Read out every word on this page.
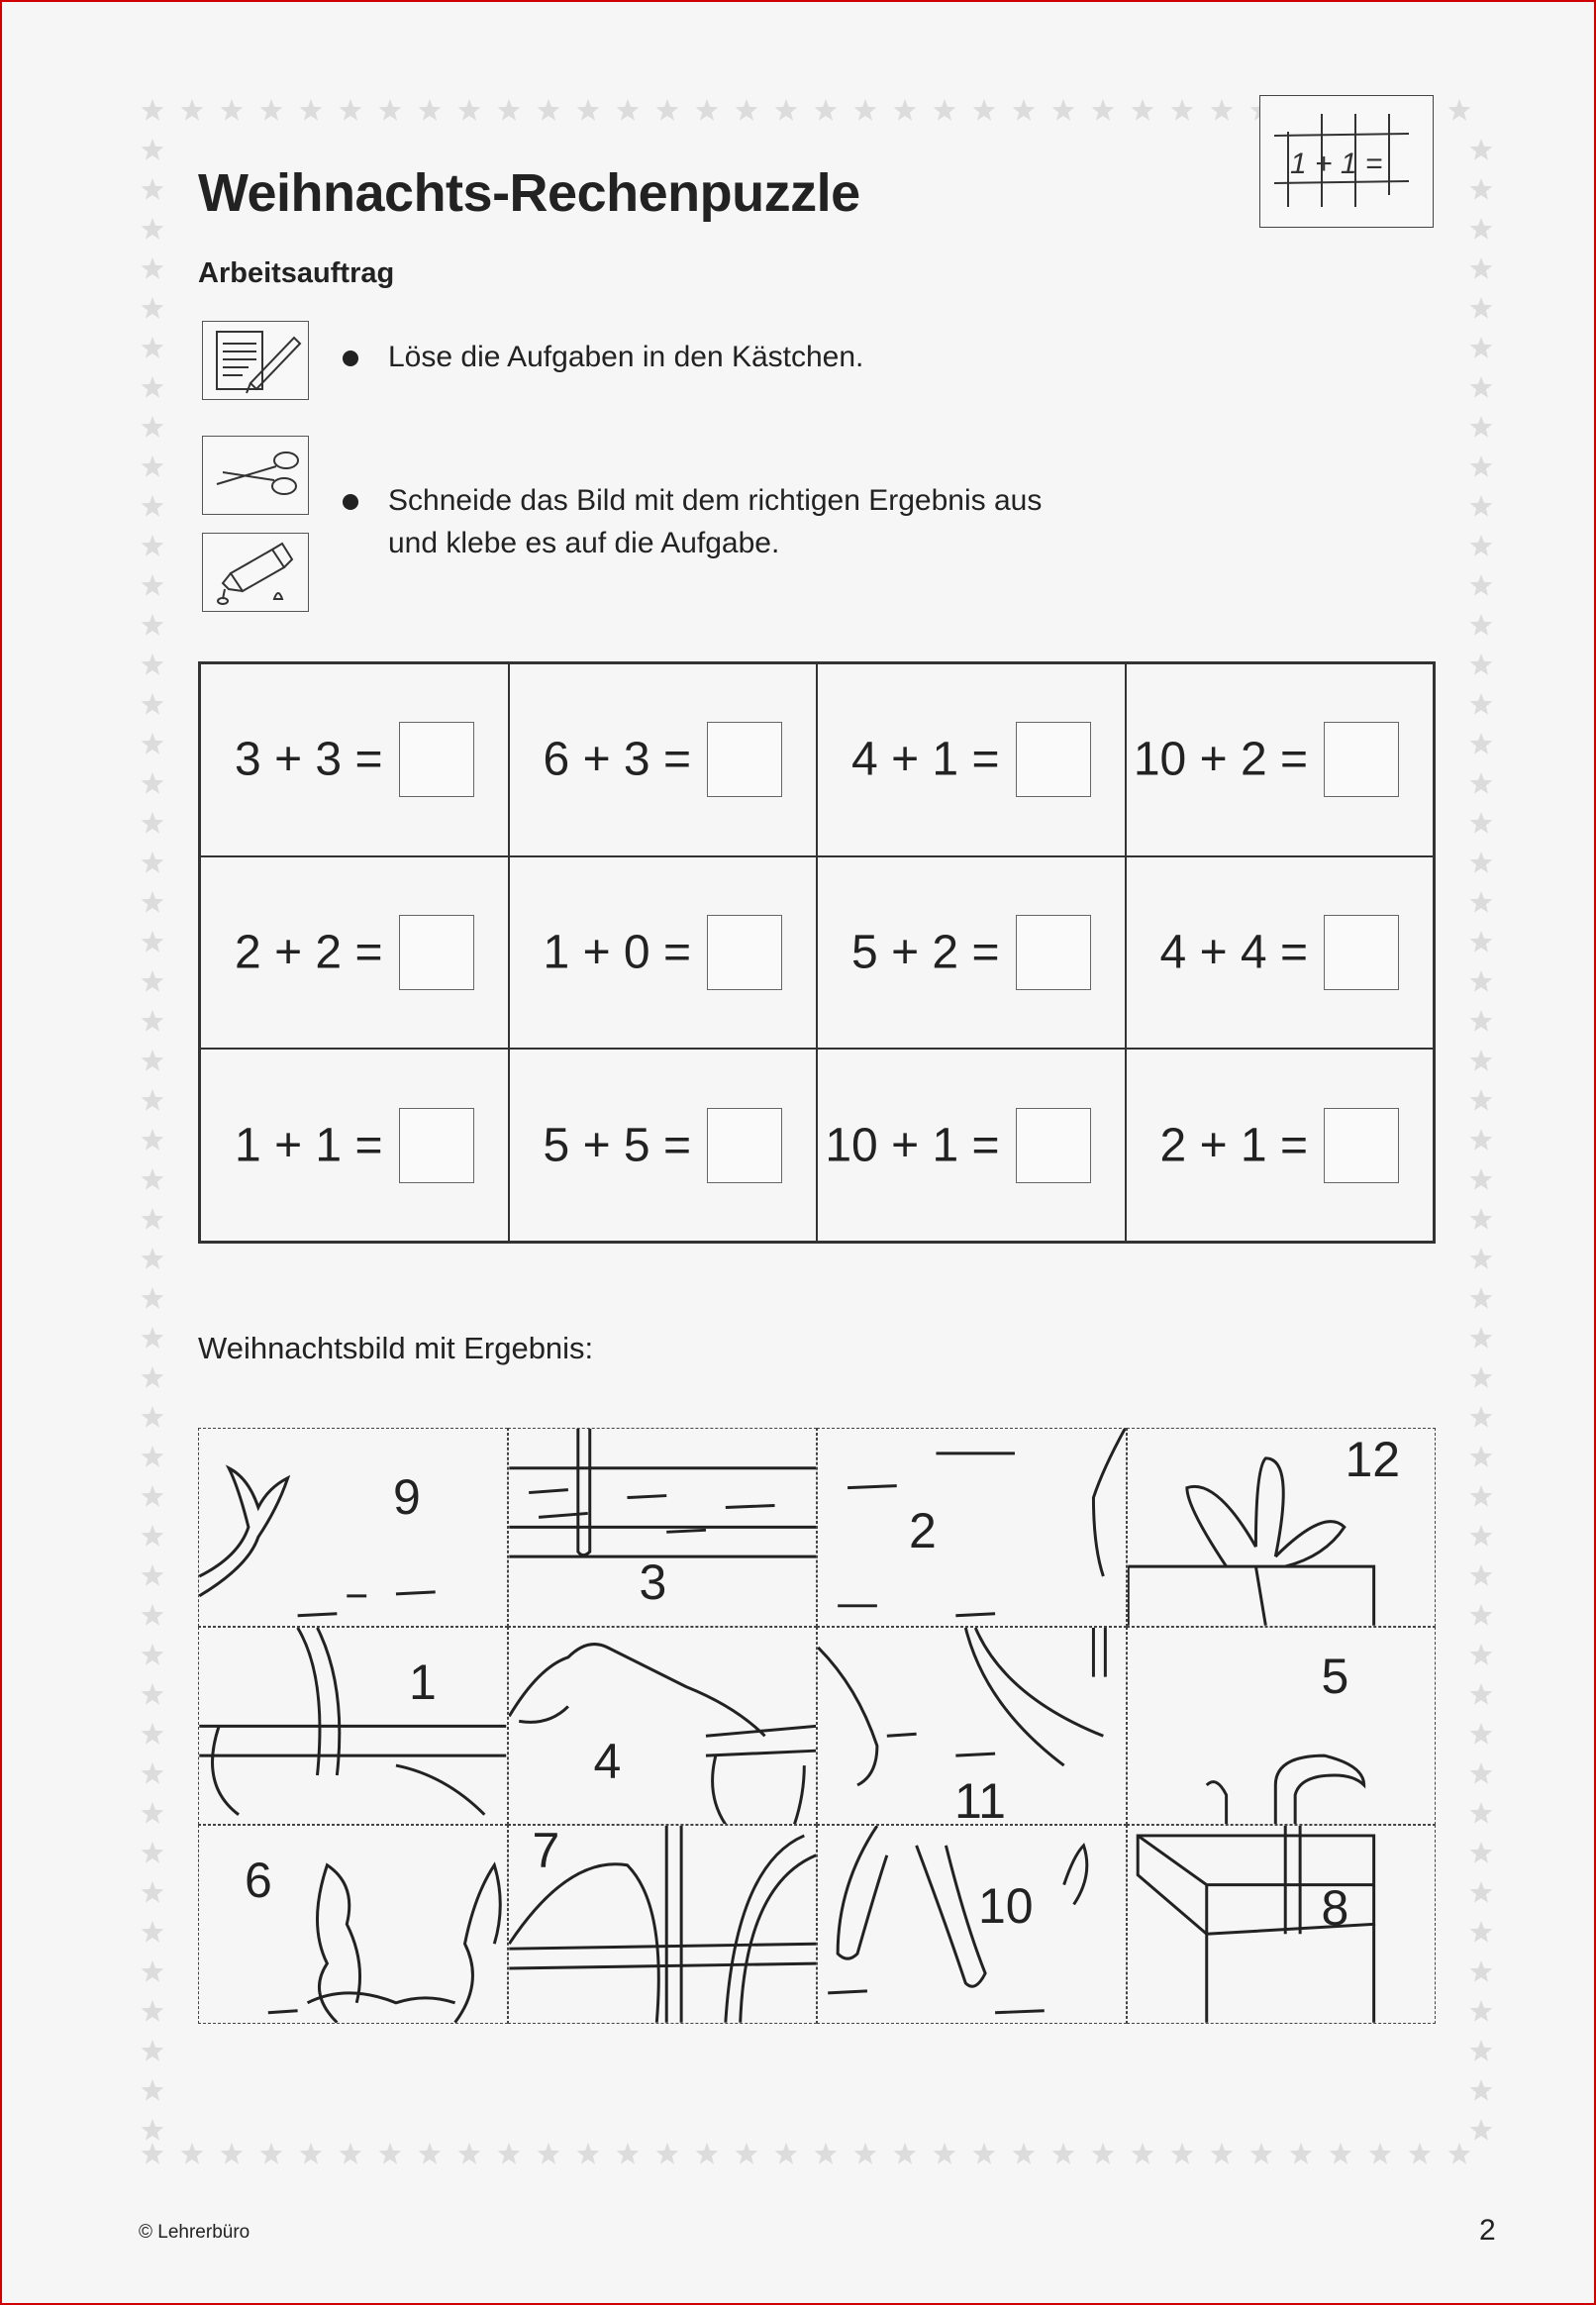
1 + 1 =
Weihnachts-Rechenpuzzle
Arbeitsauftrag
Löse die Aufgaben in den Kästchen.
Schneide das Bild mit dem richtigen Ergebnis aus
und klebe es auf die Aufgabe.
3 + 3 =	6 + 3 =	4 + 1 =	10 + 2 =
2 + 2 =	1 + 0 =	5 + 2 =	4 + 4 =
1 + 1 =	5 + 5 =	10 + 1 =	2 + 1 =
Weihnachtsbild mit Ergebnis:
9
3
2
12
1
4
11
5
6
7
10	8
© Lehrerbüro	2
